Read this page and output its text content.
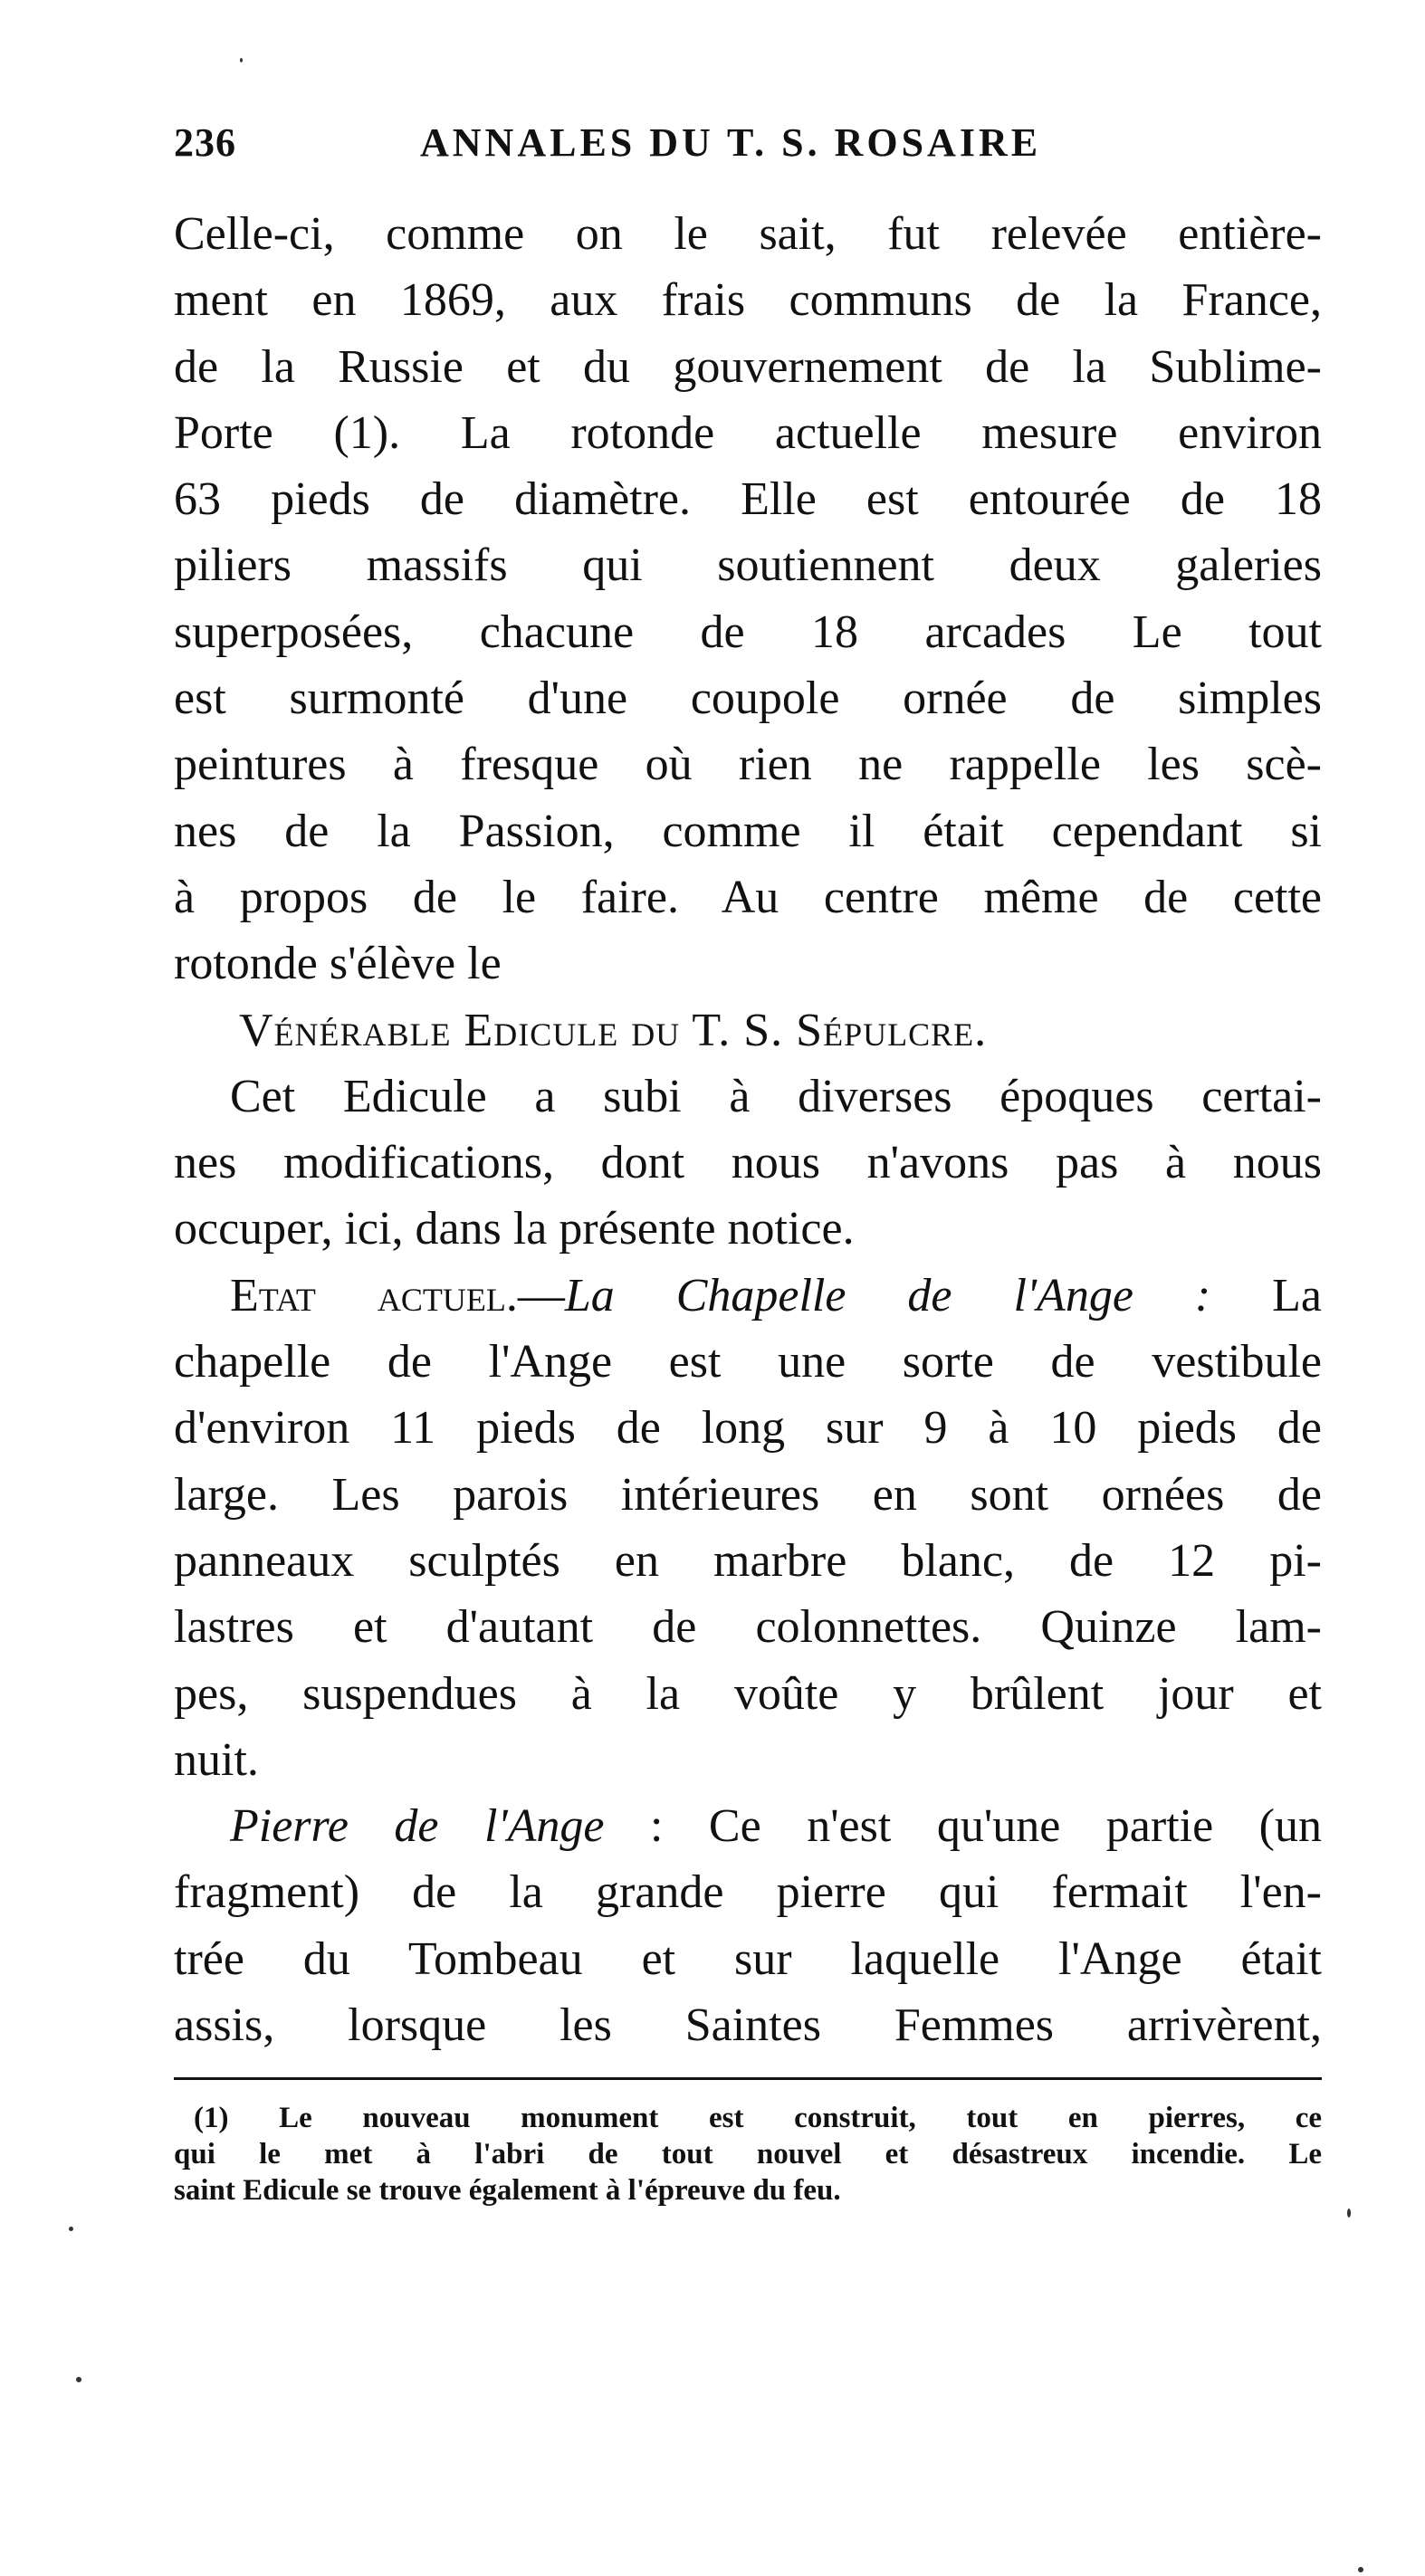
236	ANNALES DU T. S. ROSAIRE
Celle-ci, comme on le sait, fut relevée entière-
ment en 1869, aux frais communs de la France,
de la Russie et du gouvernement de la Sublime-
Porte (1). La rotonde actuelle mesure environ
63 pieds de diamètre. Elle est entourée de 18
piliers massifs qui soutiennent deux galeries
superposées, chacune de 18 arcades Le tout
est surmonté d'une coupole ornée de simples
peintures à fresque où rien ne rappelle les scè-
nes de la Passion, comme il était cependant si
à propos de le faire. Au centre même de cette
rotonde s'élève le
Vénérable Edicule du T. S. Sépulcre.
Cet Edicule a subi à diverses époques certai-
nes modifications, dont nous n'avons pas à nous
occuper, ici, dans la présente notice.
Etat actuel.—La Chapelle de l'Ange : La
chapelle de l'Ange est une sorte de vestibule
d'environ 11 pieds de long sur 9 à 10 pieds de
large. Les parois intérieures en sont ornées de
panneaux sculptés en marbre blanc, de 12 pi-
lastres et d'autant de colonnettes. Quinze lam-
pes, suspendues à la voûte y brûlent jour et
nuit.
Pierre de l'Ange : Ce n'est qu'une partie (un
fragment) de la grande pierre qui fermait l'en-
trée du Tombeau et sur laquelle l'Ange était
assis, lorsque les Saintes Femmes arrivèrent,
(1) Le nouveau monument est construit, tout en pierres, ce
qui le met à l'abri de tout nouvel et désastreux incendie. Le
saint Edicule se trouve également à l'épreuve du feu.
